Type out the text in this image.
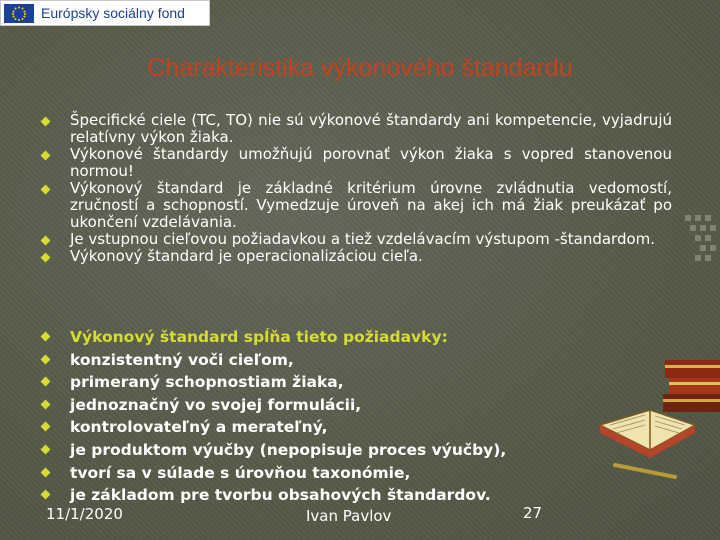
Európsky sociálny fond
Charakteristika výkonového štandardu
Špecifické ciele (TC, TO) nie sú výkonové štandardy ani kompetencie, vyjadrujú relatívny výkon žiaka.
Výkonové štandardy umožňujú porovnať výkon žiaka s vopred stanovenou normou!
Výkonový štandard je základné kritérium úrovne zvládnutia vedomostí, zručností a schopností. Vymedzuje úroveň na akej ich má žiak preukázať po ukončení vzdelávania.
Je vstupnou cieľovou požiadavkou a tiež vzdelávacím výstupom -štandardom.
Výkonový štandard je operacionalizáciou cieľa.
Výkonový štandard spĺňa tieto požiadavky:
konzistentný voči cieľom,
primeraný schopnostiam žiaka,
jednoznačný vo svojej formulácii,
kontrolovateľný a merateľný,
je produktom výučby (nepopisuje proces výučby),
tvorí sa v súlade s úrovňou taxonómie,
je základom pre tvorbu obsahových štandardov.
11/1/2020	Ivan Pavlov	27
